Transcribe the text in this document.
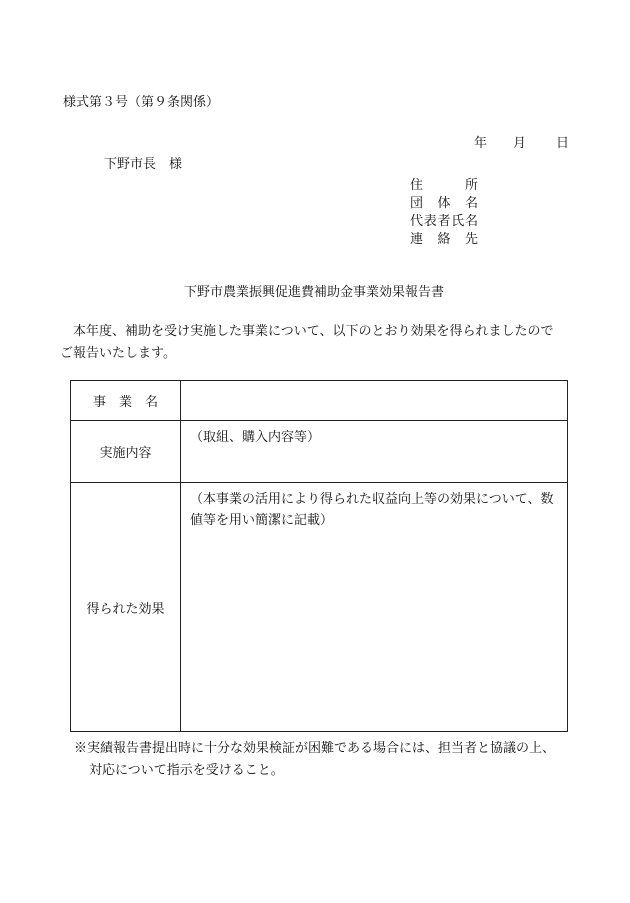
様式第３号（第９条関係）
年 月 日
下野市長　様
住所
団体名
代表者氏名
連絡先
下野市農業振興促進費補助金事業効果報告書
本年度、補助を受け実施した事業について、以下のとおり効果を得られましたので
ご報告いたします。
事業名	
実施内容	（取組、購入内容等）
得られた効果	（本事業の活用により得られた収益向上等の効果について、数値等を用い簡潔に記載）
※実績報告書提出時に十分な効果検証が困難である場合には、担当者と協議の上、
対応について指示を受けること。
